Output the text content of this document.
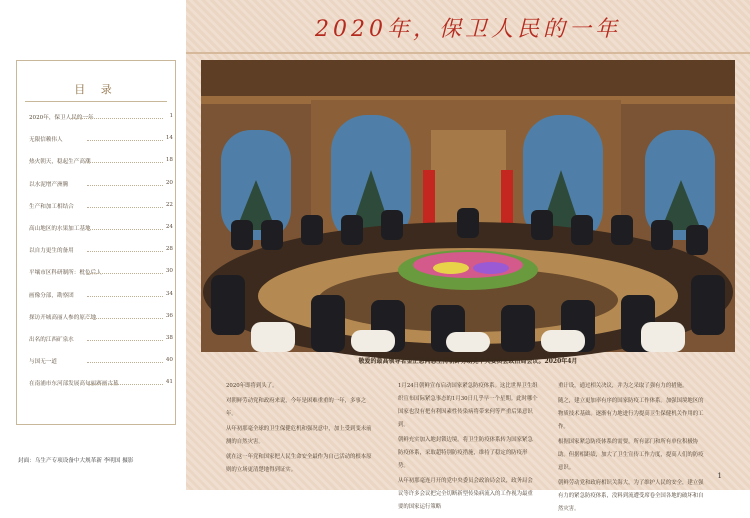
目 录
2020年，保卫人民的一年	1
无限信赖伟人	14
热火朝天，稳起生产高潮	18
以水泥增产洲腾	20
生产和加工相结合	22
高山地区的水果加工基地	24
以自力更生的备用	28
平壤市区科研制所：枇色后人	30
画像分部，勘察团	34
探访开城高丽人参的原产地	36
出名的江西矿泉水	38
与国无一道	40
在南浦市东河部发展高句丽赛画古墓	41
封面：乌生产专项设备中大规革新 李明国 摄影
2020年，保卫人民的一年
敬爱的最高领导者金正恩同志主持朝鲜劳动党中央委员会政治局会议。2020年4月

2020年即将到头了。

对朝鲜劳动党和政府来说，今年是困难重重的一年，多事之年。

从年初那毫全球的卫生保健危机和强况意中，加上受到变未前测的自然灾害。

就在这一年党和国家把人民生命安全最作为自己活动的根本原则的立场更清楚地得到证实。

1月24日朝鲜宣布启动国家紧急防疫体系。这比世界卫生组织宣布国际紧急事态的1月30日几乎早一个星期。此时哪个国家也没有把有利因素性传染病将带来何等严重后果意识到。

朝鲜充实加入地封锁边境。将卫生防疫体系转为国家紧急防疫体系，采取超特别防疫措施，维持了稳定的防疫形势。

从年初那毫连月开的党中央委员会政治局会议，政务局会议等许多会议把完全切断新型传染病流入的工作视为最重要的国家运行策略

重计设，通过相关决议，并为之采取了强有力的措施。

随之，建立更加率有序的国家防疫工作体系。加强国境地区的物质技术基础。逐渐有力地进行为提高卫生保健机关作用的工作。

根据国家紧急防疫体系的需要，所有部门和所有单位积极协助。但据相距绩，加大了卫生宣传工作力度，提高人们的防疫意识。

朝鲜劳动党和政府相识关海大，为了维护人民的安全，建立强有力的紧急防疫体系，没料到流遭受席卷全国各地的破坏和自然灾害。

1
